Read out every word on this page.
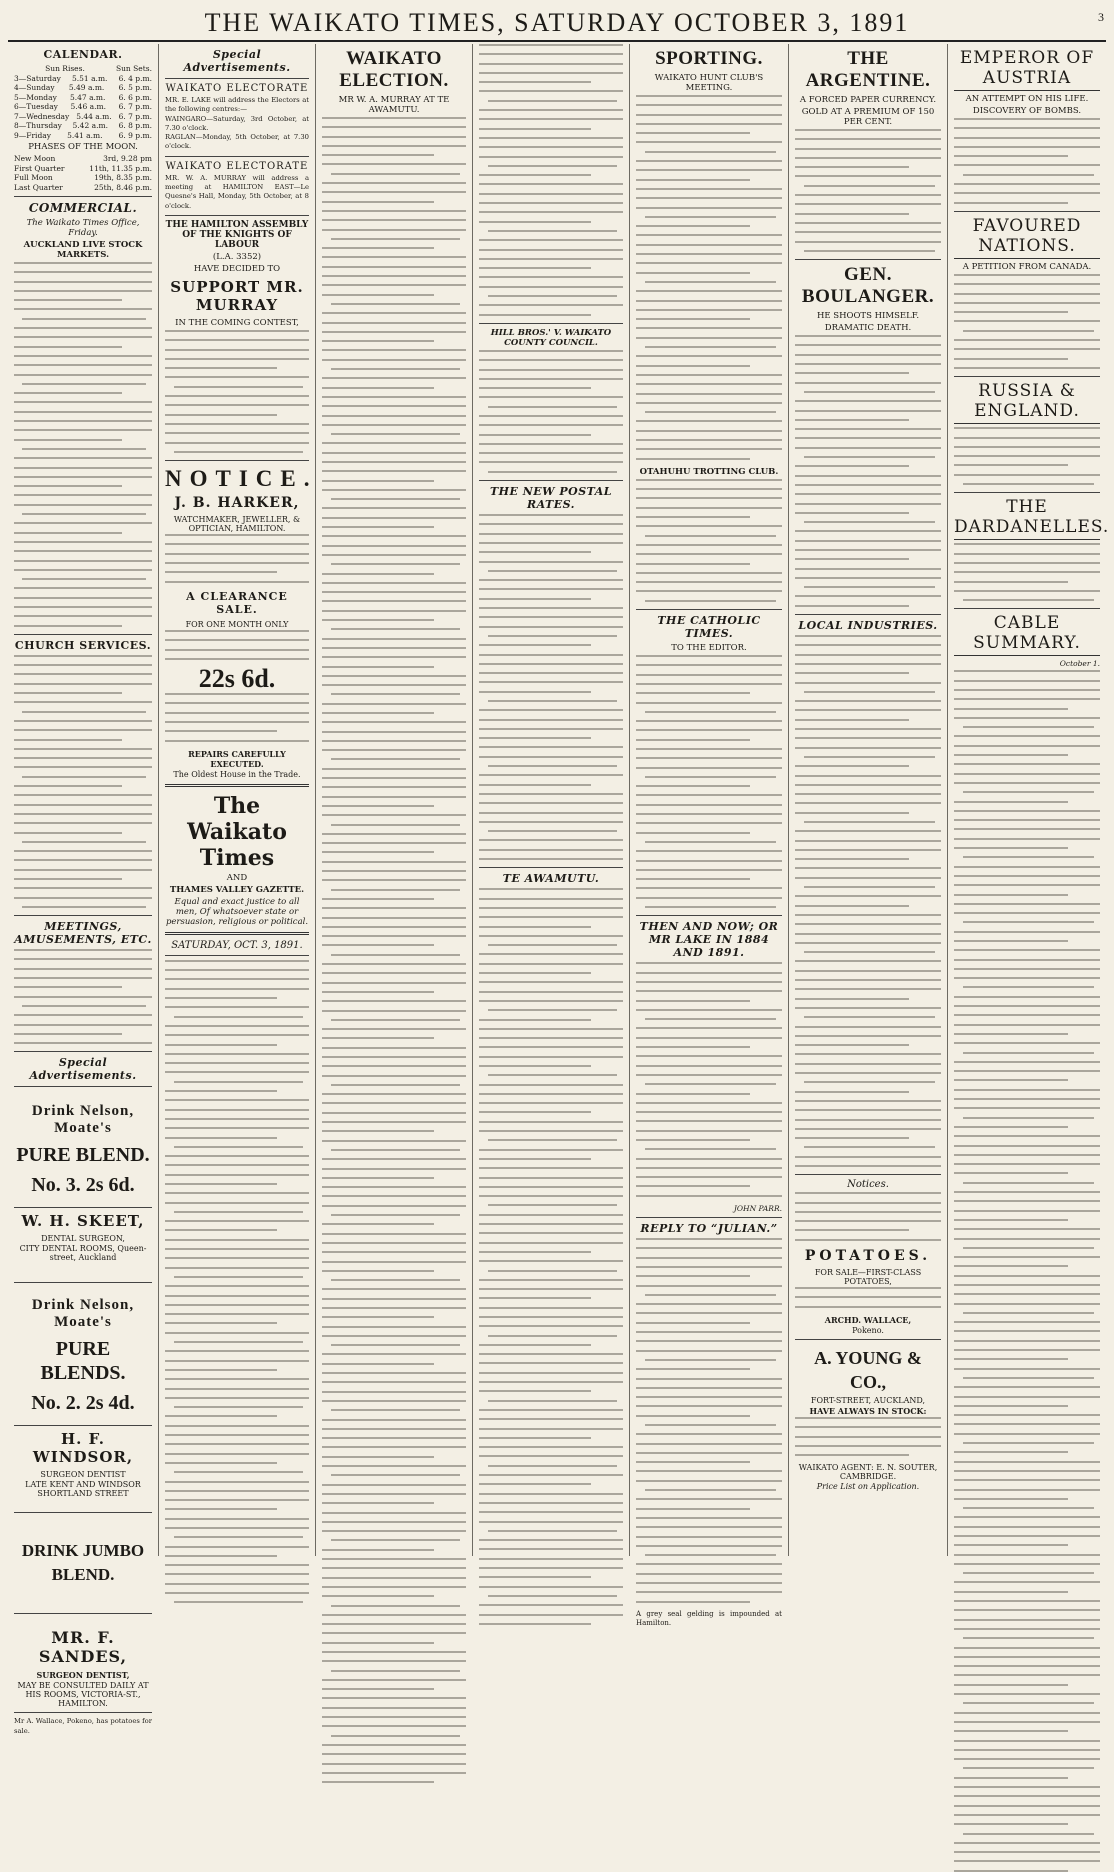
THE WAIKATO TIMES, SATURDAY OCTOBER 3, 1891	3
CALENDAR.
Sun Rises.	Sun Sets.
3—Saturday 5.51 a.m. 6. 4 p.m.
4—Sunday 5.49 a.m. 6. 5 p.m.
5—Monday 5.47 a.m. 6. 6 p.m.
6—Tuesday 5.46 a.m. 6. 7 p.m.
7—Wednesday 5.44 a.m. 6. 7 p.m.
8—Thursday 5.42 a.m. 6. 8 p.m.
9—Friday 5.41 a.m. 6. 9 p.m.
PHASES OF THE MOON.
New Moon	3rd, 9.28 pm
First Quarter	11th, 11.35 p.m.
Full Moon	19th, 8.35 p.m.
Last Quarter	25th, 8.46 p.m.
COMMERCIAL.
The Waikato Times Office, Friday.
AUCKLAND LIVE STOCK MARKETS.
CHURCH SERVICES.
MEETINGS, AMUSEMENTS, ETC.
Special Advertisements.
Drink Nelson, Moate's
PURE BLEND.
No. 3. 2s 6d.
W. H. SKEET,
DENTAL SURGEON,
CITY DENTAL ROOMS, Queen-street, Auckland
Drink Nelson, Moate's
PURE BLENDS.
No. 2. 2s 4d.
H. F. WINDSOR,
SURGEON DENTIST
LATE KENT AND WINDSOR SHORTLAND STREET
DRINK JUMBO BLEND.
MR. F. SANDES,
SURGEON DENTIST,
MAY BE CONSULTED DAILY AT HIS ROOMS, VICTORIA-ST., HAMILTON.
Mr A. Wallace, Pokeno, has potatoes for sale.
Special Advertisements.
WAIKATO ELECTORATE
MR. E. LAKE will address the Electors at the following centres:—
WAINGARO—Saturday, 3rd October, at 7.30 o'clock.
RAGLAN—Monday, 5th October, at 7.30 o'clock.
WAIKATO ELECTORATE
MR. W. A. MURRAY will address a meeting at HAMILTON EAST—Le Quesne's Hall, Monday, 5th October, at 8 o'clock.
THE HAMILTON ASSEMBLY OF THE KNIGHTS OF LABOUR
(L.A. 3352)
HAVE DECIDED TO
SUPPORT MR. MURRAY
IN THE COMING CONTEST,
NOTICE.
J. B. HARKER,
WATCHMAKER, JEWELLER, & OPTICIAN, HAMILTON.
A CLEARANCE SALE.
FOR ONE MONTH ONLY
22s 6d.
REPAIRS CAREFULLY EXECUTED.
The Oldest House in the Trade.
The Waikato Times
AND
THAMES VALLEY GAZETTE.
Equal and exact justice to all men, Of whatsoever state or persuasion, religious or political.
SATURDAY, OCT. 3, 1891.
WAIKATO ELECTION.
MR W. A. MURRAY AT TE AWAMUTU.
HILL BROS.' V. WAIKATO COUNTY COUNCIL.
THE NEW POSTAL RATES.
TE AWAMUTU.
SPORTING.
WAIKATO HUNT CLUB'S MEETING.
OTAHUHU TROTTING CLUB.
THE CATHOLIC TIMES.
TO THE EDITOR.
THEN AND NOW; OR MR LAKE IN 1884 AND 1891.
JOHN PARR.
REPLY TO “JULIAN.”
A grey seal gelding is impounded at Hamilton.
THE ARGENTINE.
A FORCED PAPER CURRENCY.
GOLD AT A PREMIUM OF 150 PER CENT.
GEN. BOULANGER.
HE SHOOTS HIMSELF.
DRAMATIC DEATH.
LOCAL INDUSTRIES.
Notices.
POTATOES.
FOR SALE—FIRST-CLASS POTATOES,
ARCHD. WALLACE,
Pokeno.
A. YOUNG & CO.,
FORT-STREET, AUCKLAND,
HAVE ALWAYS IN STOCK:
WAIKATO AGENT: E. N. SOUTER, CAMBRIDGE.
Price List on Application.
EMPEROR OF AUSTRIA
AN ATTEMPT ON HIS LIFE.
DISCOVERY OF BOMBS.
FAVOURED NATIONS.
A PETITION FROM CANADA.
RUSSIA & ENGLAND.
THE DARDANELLES.
CABLE SUMMARY.
October 1.
